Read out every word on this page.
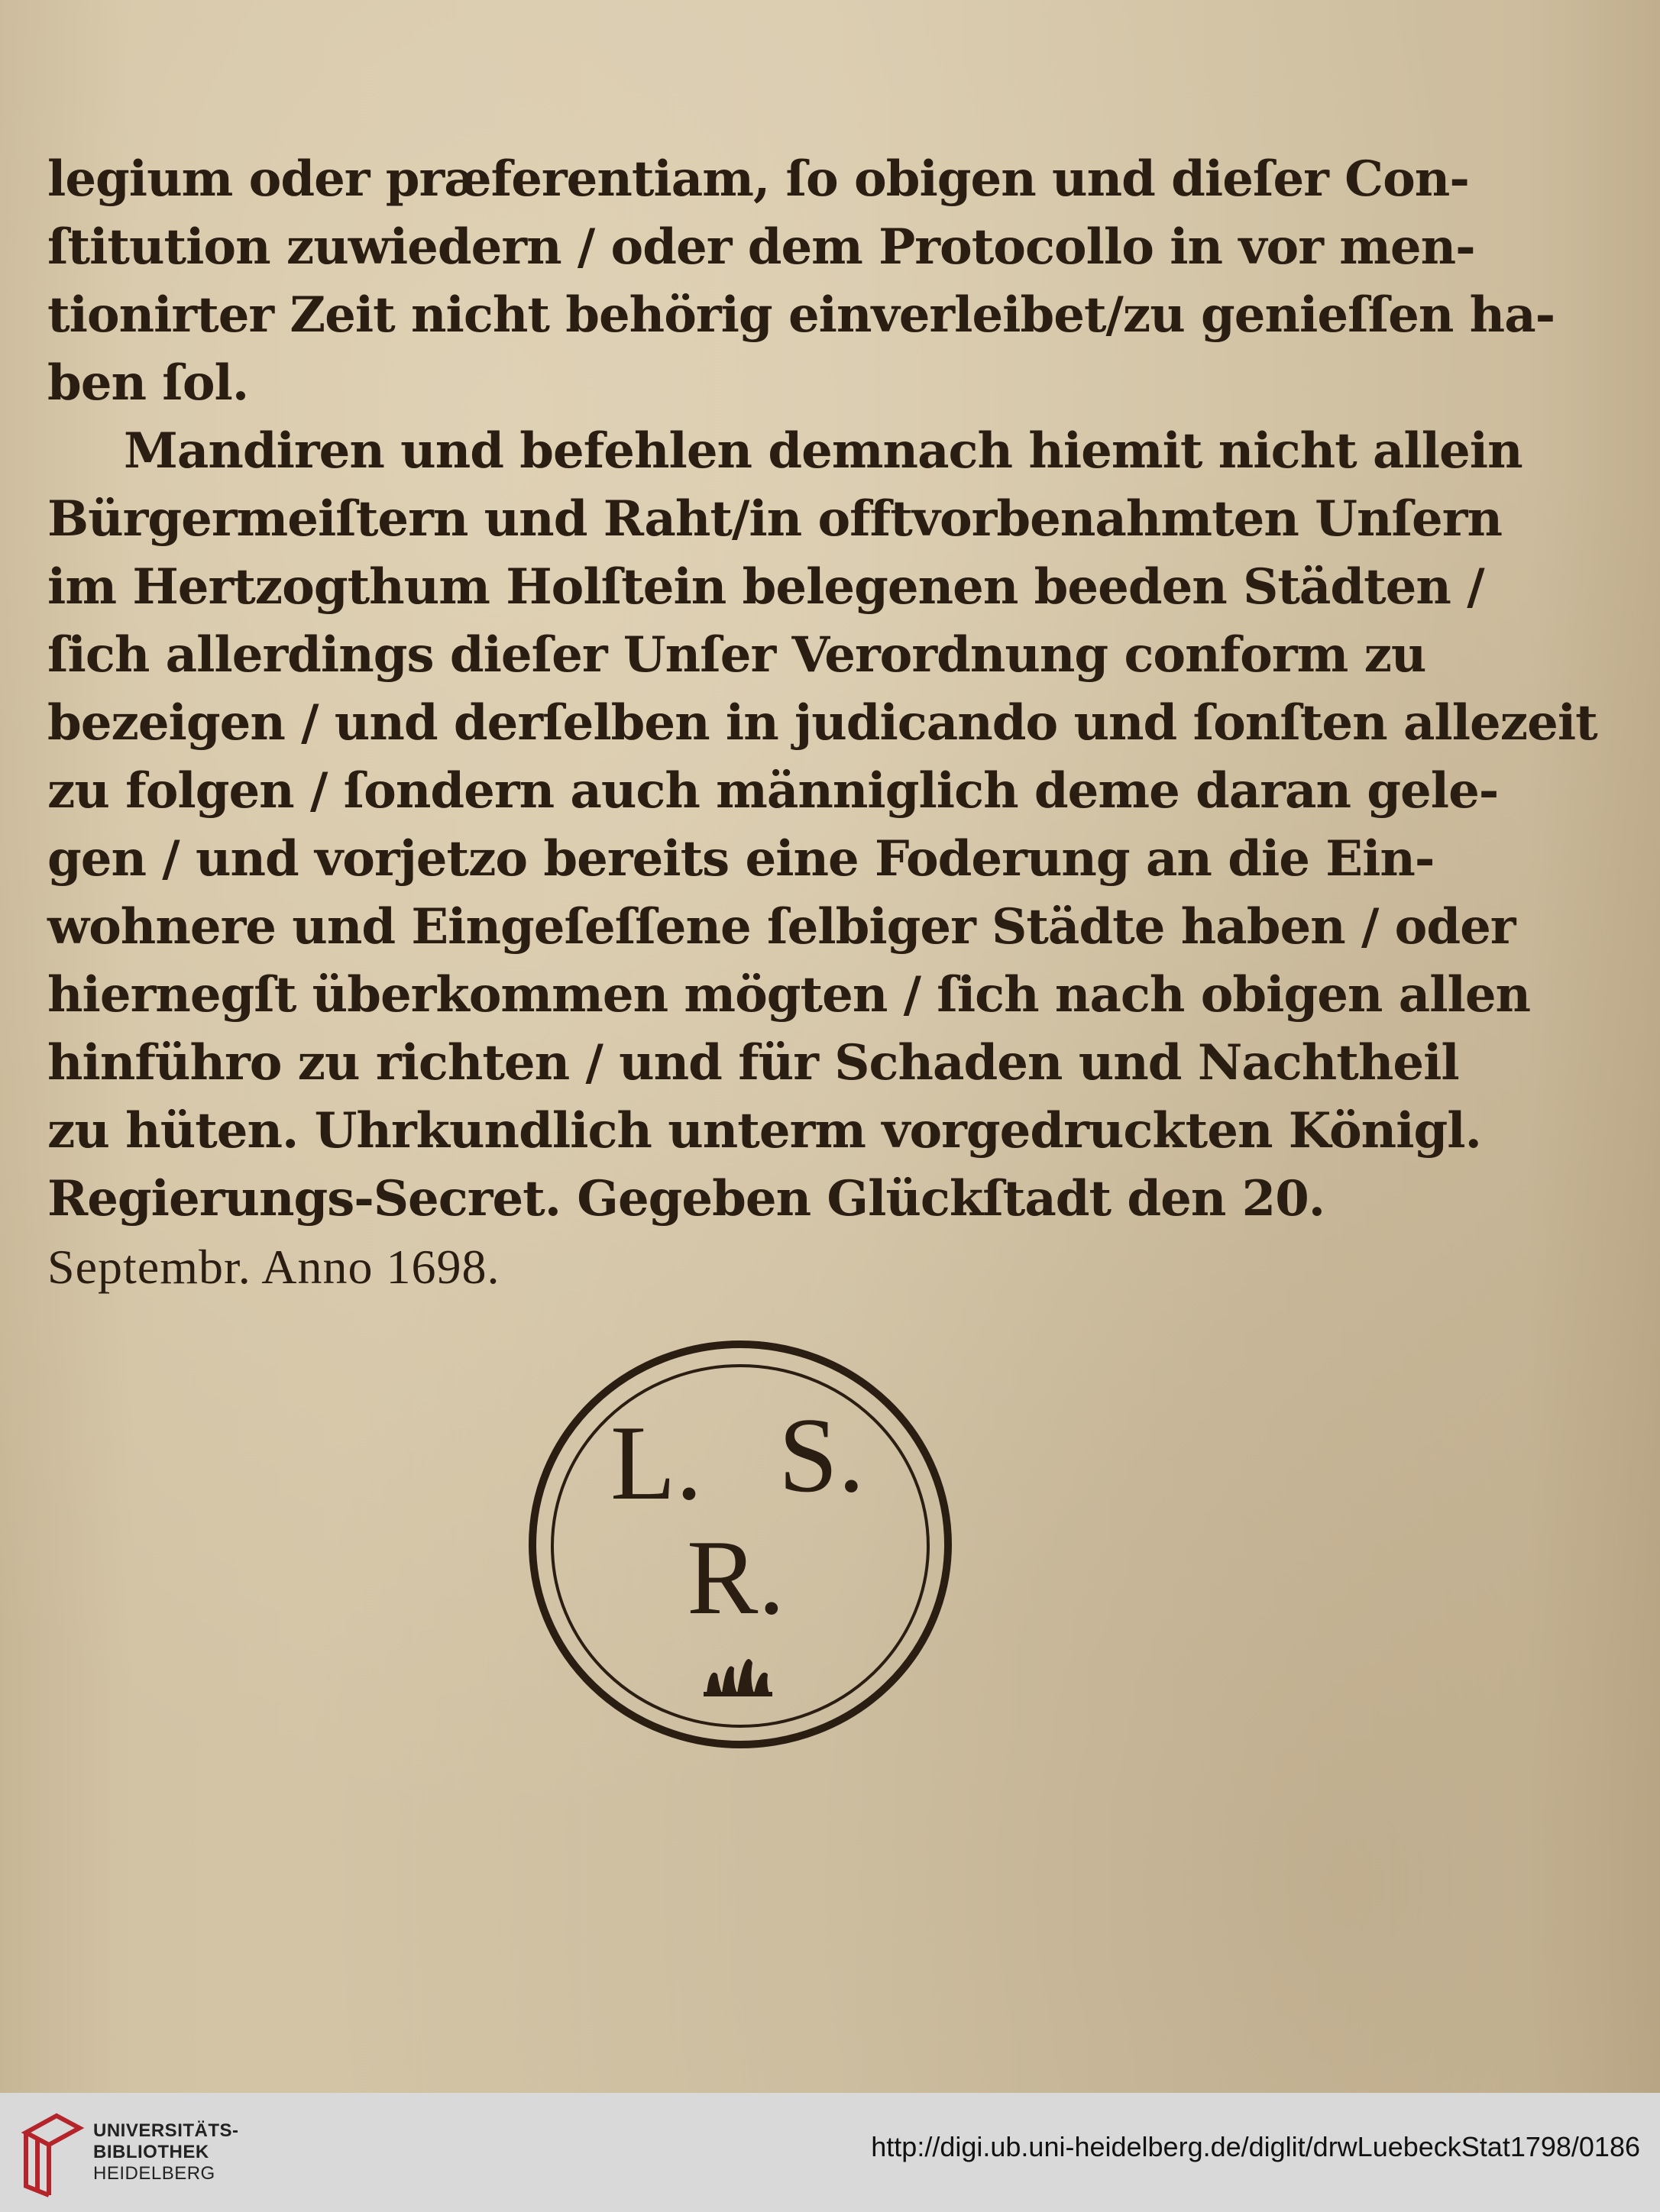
legium oder præferentiam, ſo obigen und dieſer Con-
ſtitution zuwiedern / oder dem Protocollo in vor men-
tionirter Zeit nicht behörig einverleibet/zu genieſſen ha-
ben ſol.
Mandiren und befehlen demnach hiemit nicht allein
Bürgermeiſtern und Raht/in offtvorbenahmten Unſern
im Hertzogthum Holſtein belegenen beeden Städten /
ſich allerdings dieſer Unſer Verordnung conform zu
bezeigen / und derſelben in judicando und ſonſten allezeit
zu folgen / ſondern auch männiglich deme daran gele-
gen / und vorjetzo bereits eine Foderung an die Ein-
wohnere und Eingeſeſſene ſelbiger Städte haben / oder
hiernegſt überkommen mögten / ſich nach obigen allen
hinführo zu richten / und für Schaden und Nachtheil
zu hüten. Uhrkundlich unterm vorgedruckten Königl.
Regierungs-Secret. Gegeben Glückſtadt den 20.
Septembr. Anno 1698.
L. S.
R.
UNIVERSITÄTS-
BIBLIOTHEK
HEIDELBERG
http://digi.ub.uni-heidelberg.de/diglit/drwLuebeckStat1798/0186
